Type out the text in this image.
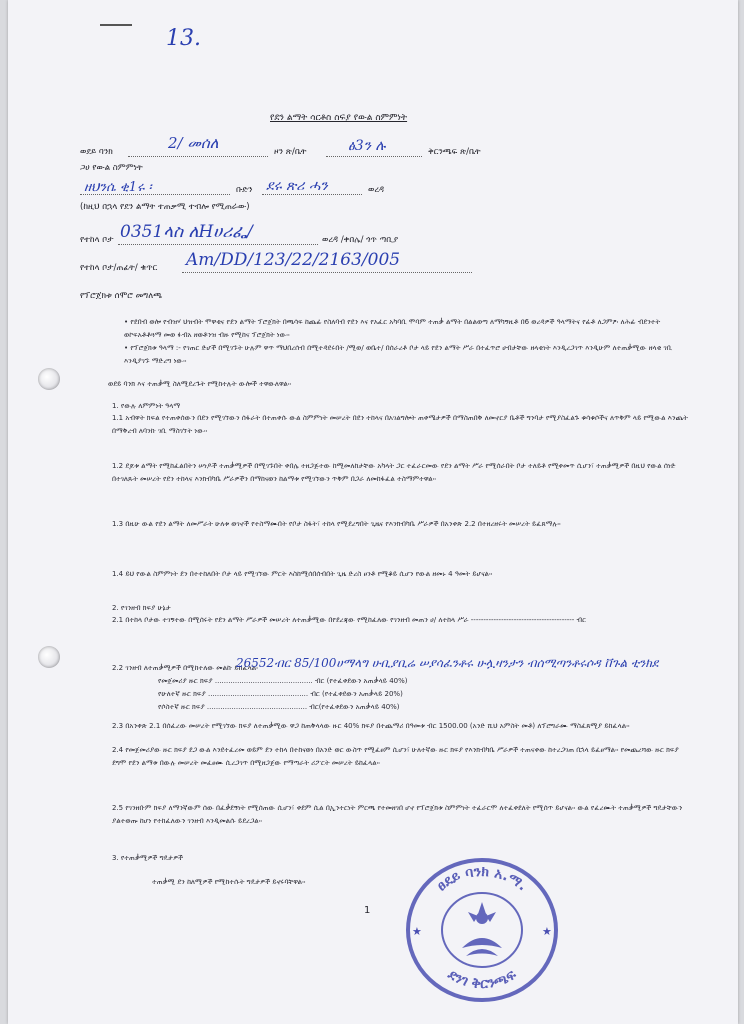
13.
የደን ልማት ሳርቶስ ስፍያ የውል ስምምነት
ወደይ ባንክ	2/ መሰለ	ዞን ጽ/ቤት	ፅ3ን ሉ	ቅርንጫፍ ጽ/ቤት
ጋሀ የውል ስምምነት
ዘህንሴ ቂ1ሩ ፡	ቡድን ደሩ ጽሪ ሓን	ወረዳ
(ከዚህ በኋላ የደን ልማት ተጠቃሚ ተብሎ የሚጠራው)
የተከላ ቦታ 0351ላስ ለHሀሪፌ/	ወረዳ /ቀበሌ/ ጎጥ ጣቢያ
የተከላ ቦታ/ጠፊት/ ቁጥር Am/DD/123/22/2163/005
የፕሮጀክቱ ሰሞሮ መግለጫ
• የደበብ ወሎ የብዝሃ ህዝብት ሞዋቂና የደን ልማት ፕሮጀክት በጫሳፍ ከጨፊ የስለባብ የደን እና የአፈር አካባቢ ሞባም ተጠቃ ልማት በልልወጣ ለማካኝዚቶ በ6 ወረዳዎች ዓላማትና የፊቶ ለጋምፆ፡ ለሕፊ ብደንተት ወኮፍአቶቶጓማ መወ ፉብአ ዘወቶንዝ ብዙ የሚከና ፕሮጀክት ነው፡፡
• የፕሮጀክቱ ዓላማ :- የገጠር ድሆች በሚገኙት ሁሉም ዋጥ ማህበረሰብ በሚተዳደሩበት /ሚወ/ ወቤተ/ በሰራረቶ ቦታ ላይ የደን ልማት ሥራ በተፈጥሮ ሀብታቸው ዘላቂነት እንዲረጋገጥ እንዲሁም ለተጠቃሚው ዘላቂ ገቢ እንዲያገኙ ማድረግ ነው፡፡
ወደይ ባንክ እና ተጠቃሚ ስለሚደረጉት የሚከተሉት ውሎች ተዋውለዋል፡፡
1. የውሉ ለምምነት ዓላማ
1.1 አብዋት ክፍል የተጠቀሰውን በደን የሚገኘውን ሰፋራት በተጠቀሱ ውል ስምምነት መሠረት በደን ተከላና በአገልግሎት ጠቀሜታዎች በማስጠበቅ ለመኖርያ ቤቶች ግንባታ የሚያስፈልጉ ቁሳቁሶችና ለጥቅም ላይ የሚውል እንጨት በማቅረብ ለባንኩ ገቢ ማስገኘት ነው፡፡
1.2 ደጆቱ ልማት የሚከፈልበትን ሠነዶች ተጠቃሚዎች በሚገኙበት ቀበሌ ተዘጋጅተው ከሚመለከታቸው አካላት ጋር ተፈራርመው የደን ልማት ሥራ የሚሰራበት ቦታ ተለይቶ የሚቀመጥ ሲሆን፣ ተጠቃሚዎች በዚህ የውል ሰነድ በተገለጹት መሠረት የደን ተከላና እንክብካቤ ሥራዎችን በማከናወን ከልማቱ የሚገኘውን ጥቅም በጋራ ለመከፋፈል ተስማምተዋል፡፡
1.3 በዚሁ ውል የደን ልማት ለመሥራት ሁለቱ ወገኖች የተስማሙበት የቦታ ስፋት፣ ተከላ የሚደረግበት ጊዜና የእንክብካቤ ሥራዎች በአንቀጽ 2.2 በተዘረዘሩት መሠረት ይፈጸማሉ፡፡
1.4 ይህ የውል ስምምነት ደን በተተከለበት ቦታ ላይ የሚገኘው ምርት እስከሚሰበሰብበት ጊዜ ድረስ ፀንቶ የሚቆይ ሲሆን የውል ዘመኑ 4 ዓመት ይሆናል፡፡
2. የገንዘብ ክፍያ ሁኔታ
2.1 በተከላ ቦታው ተገኝተው በሚሰሩት የደን ልማት ሥራዎች መሠረት ለተጠቃሚው በየደረጃው የሚከፈለው የገንዘብ መጠን ሀ/ ለተከላ ሥራ ----------------------------------------- ብር
2.2 ገንዘብ ለተጠቃሚዎች በሚከተለው መልኩ ይከፈላል፡
የመጀመሪያ ዙር ክፍያ ............................................ ብር (የተፈቀደውን አጠቃላይ 40%)
የሁለተኛ ዙር ክፍያ ............................................. ብር (የተፈቀደውን አጠቃላይ 20%)
የሶስተኛ ዙር ክፍያ ............................................. ብር(የተፈቀደውን አጠቃላይ 40%)
26552ብር 85/100ሀማላግ ሁቢያቢሬ ሠያሳፈንቶሩ ሁሏዛንታን ብሰሚጣንቶሩሶዳ ቨጉል ቲንክደ
2.3 በአንቀጽ 2.1 በሰፈረው መሠረት የሚገኘው ክፍያ ለተጠቃሚው ዋጋ ከጠቅላላው ዙር 40% ክፍያ በተጨማሪ በዓመቱ ብር 1500.00 (አንድ ሺህ አምስት መቶ) ለፕሮግራሙ ማስፈጸሚያ ይከፈላል፡፡
2.4 የመጀመሪያው ዙር ክፍያ ደጋ ውል እንደተፈረመ ወይም ደን ተከላ በተከናወነ በአንድ ወር ውስጥ የሚፈፀም ሲሆን፣ ሁለተኛው ዙር ክፍያ የእንክብካቤ ሥራዎች ተጠናቀው ከተረጋገጠ በኋላ ይፈፀማል፡፡ የመጨረሻው ዙር ክፍያ ደግሞ የደን ልማቱ በውሉ መሠረት መፈፀሙ ሲረጋገጥ በሚዘጋጀው የማጣራት ሪፖርት መሠረት ይከፈላል፡፡
2.5 የገንዘቡም ክፍያ ለማንኛውም ሰው በፈቃደኝነት የሚሰጠው ሲሆን፣ ቀደም ሲል በኢንተርነት ምርጫ የተመዘገበ ሆኖ የፕሮጀክቱ ስምምነት ተፈራርሞ ለተፈቀደለት የሚሰጥ ይሆናል፡፡ ውል የፈረሙት ተጠቃሚዎች ግዴታቸውን ያልተወጡ ከሆነ የተከፈለውን ገንዘብ እንዲመልሱ ይደረጋል፡፡
3. የተጠቃሚዎች ግዴታዎች
ተጠቃሚ ደን ከለሚዎች የሚከተሱት ግዴታዎች ይኖሩባቸዋል፡፡
1
ፀደይ ባንክ አ.ማ.
ደንገ ቅርንጫፍ
★	★
